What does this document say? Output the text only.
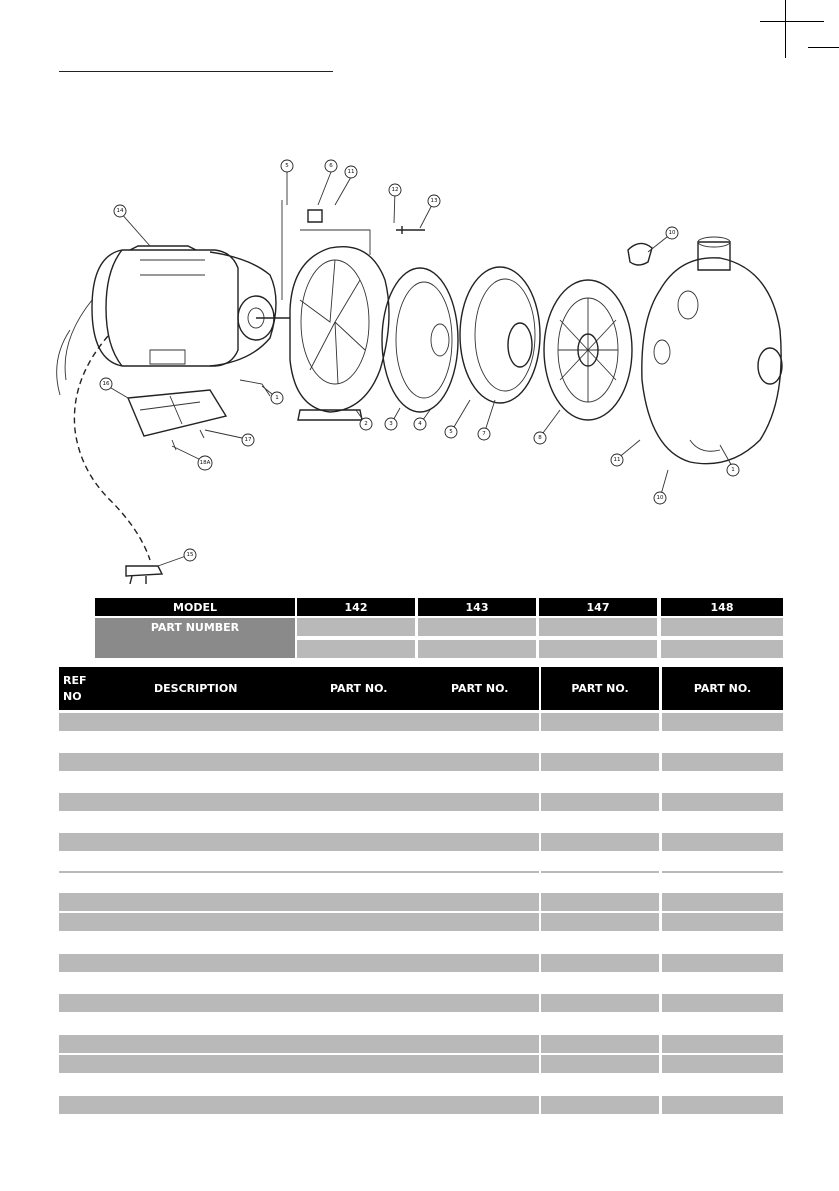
5	6
11
12
13
14
10
1
2	3	4
5	7
8
16
17
18A	11
1
10
15
MODEL	142	143	147	148
PART NUMBER
REF
NO
DESCRIPTION	PART NO.	PART NO.	PART NO.	PART NO.
